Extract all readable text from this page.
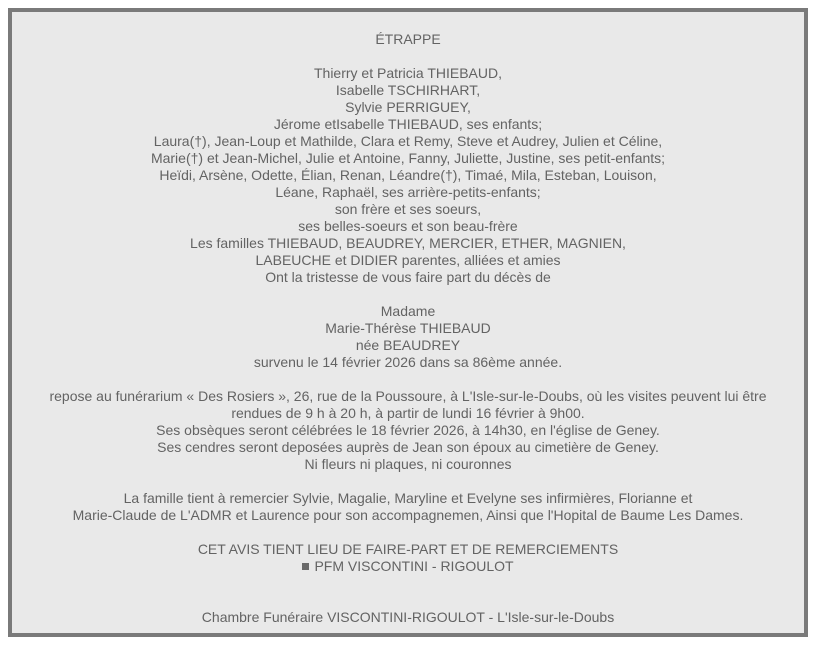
ÉTRAPPE
Thierry et Patricia THIEBAUD,
Isabelle TSCHIRHART,
Sylvie PERRIGUEY,
Jérome etIsabelle THIEBAUD, ses enfants;
Laura(†), Jean-Loup et Mathilde, Clara et Remy, Steve et Audrey, Julien et Céline,
Marie(†) et Jean-Michel, Julie et Antoine, Fanny, Juliette, Justine, ses petit-enfants;
Heïdi, Arsène, Odette, Élian, Renan, Léandre(†), Timaé, Mila, Esteban, Louison,
Léane, Raphaël, ses arrière-petits-enfants;
son frère et ses soeurs,
ses belles-soeurs et son beau-frère
Les familles THIEBAUD, BEAUDREY, MERCIER, ETHER, MAGNIEN,
LABEUCHE et DIDIER parentes, alliées et amies
Ont la tristesse de vous faire part du décès de
Madame
Marie-Thérèse THIEBAUD
née BEAUDREY
survenu le 14 février 2026 dans sa 86ème année.
repose au funérarium « Des Rosiers », 26, rue de la Poussoure, à L'Isle-sur-le-Doubs, où les visites peuvent lui être
rendues de 9 h à 20 h, à partir de lundi 16 février à 9h00.
Ses obsèques seront célébrées le 18 février 2026, à 14h30, en l'église de Geney.
Ses cendres seront deposées auprès de Jean son époux au cimetière de Geney.
Ni fleurs ni plaques, ni couronnes
La famille tient à remercier Sylvie, Magalie, Maryline et Evelyne ses infirmières, Florianne et
Marie-Claude de L'ADMR et Laurence pour son accompagnemen, Ainsi que l'Hopital de Baume Les Dames.
CET AVIS TIENT LIEU DE FAIRE-PART ET DE REMERCIEMENTS
PFM VISCONTINI - RIGOULOT
Chambre Funéraire VISCONTINI-RIGOULOT - L'Isle-sur-le-Doubs
